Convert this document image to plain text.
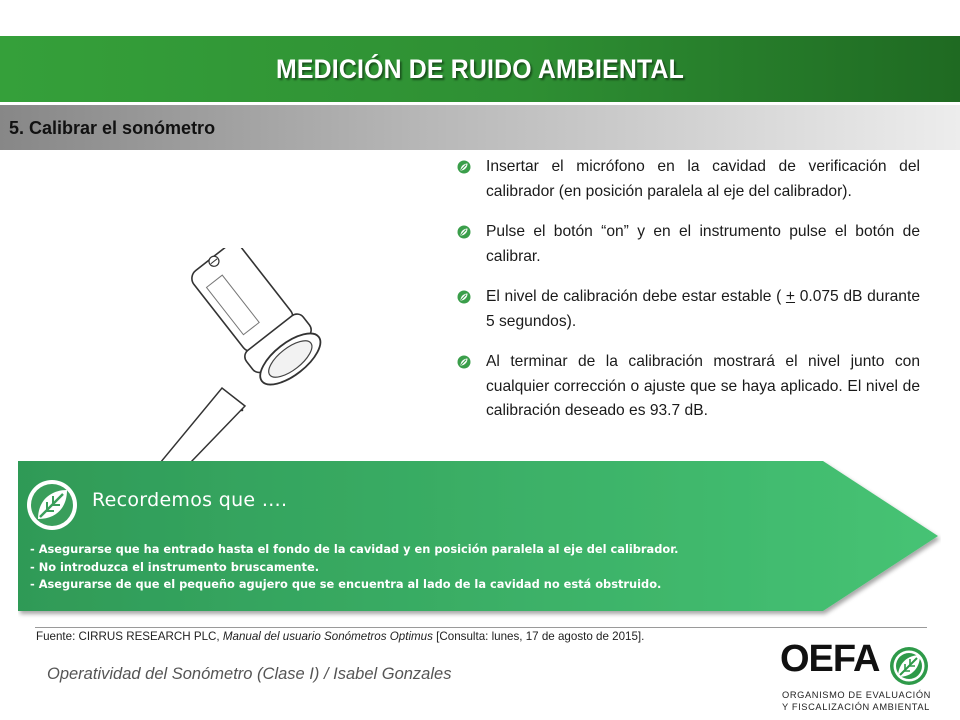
MEDICIÓN DE RUIDO AMBIENTAL
5. Calibrar el sonómetro
Insertar el micrófono en la cavidad de verificación del calibrador (en posición paralela al eje del calibrador).
Pulse el botón “on” y en el instrumento pulse el botón de calibrar.
El nivel de calibración debe estar estable ( + 0.075 dB durante 5 segundos).
Al terminar de la calibración mostrará el nivel junto con cualquier corrección o ajuste que se haya aplicado. El nivel de calibración deseado es 93.7 dB.
Recordemos que ….
- Asegurarse que ha entrado hasta el fondo de la cavidad y en posición paralela al eje del calibrador.
- No introduzca el instrumento bruscamente.
- Asegurarse de que el pequeño agujero que se encuentra al lado de la cavidad no está obstruido.
Fuente: CIRRUS RESEARCH PLC, Manual del usuario Sonómetros Optimus [Consulta: lunes, 17 de agosto de 2015].
Operatividad del Sonómetro (Clase I) / Isabel Gonzales	OEFA
ORGANISMO DE EVALUACIÓN
Y FISCALIZACIÓN AMBIENTAL
